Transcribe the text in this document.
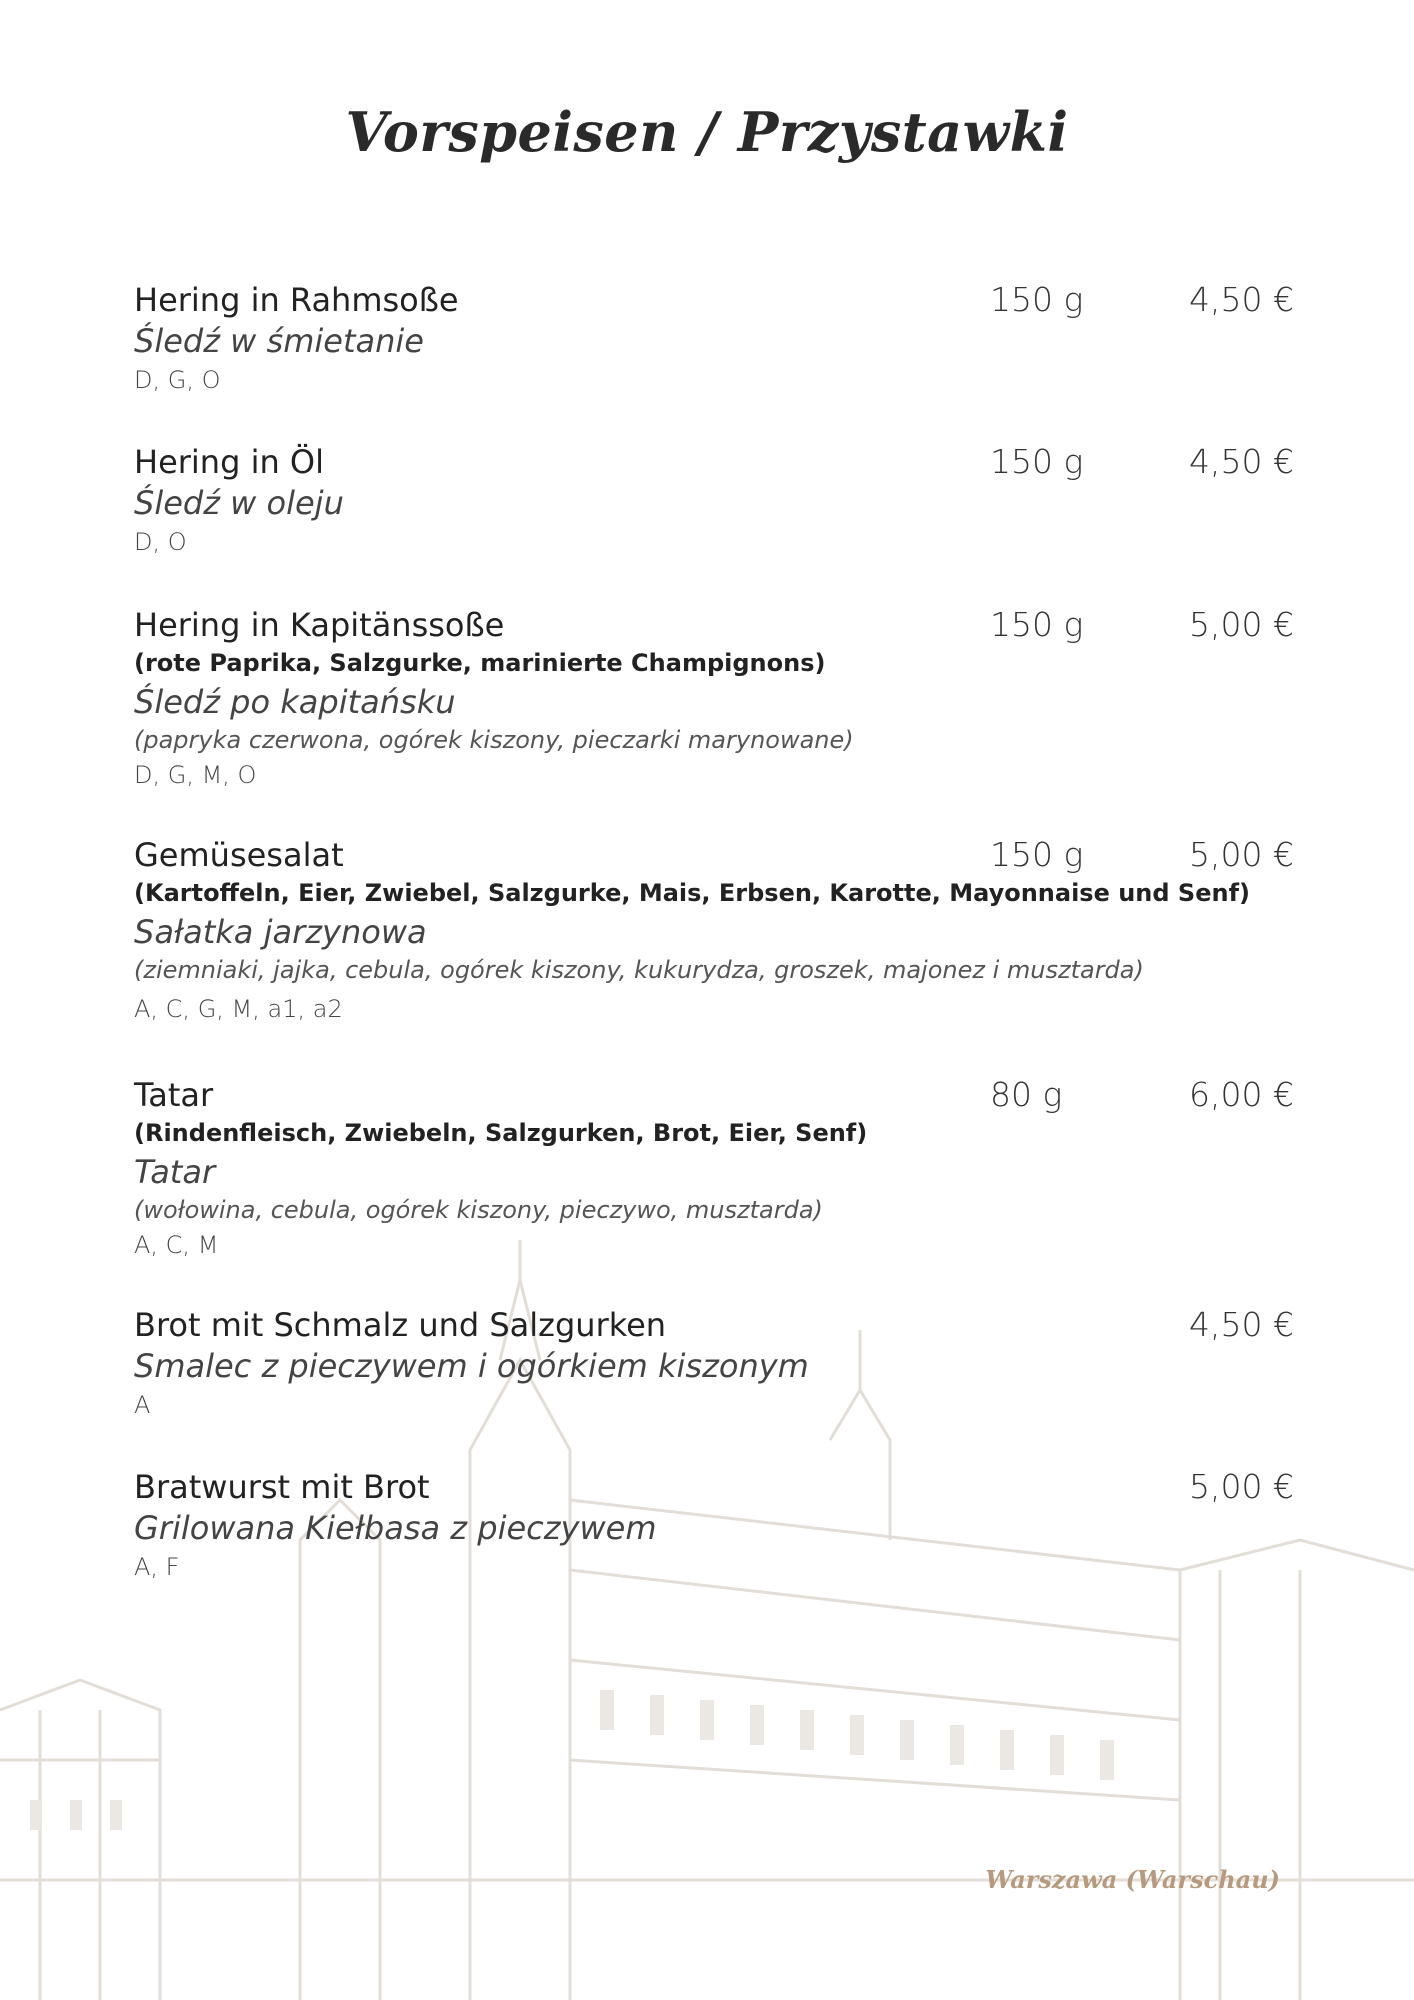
Vorspeisen / Przystawki
Hering in Rahmsoße	150 g	4,50 €
Śledź w śmietanie
D, G, O
Hering in Öl	150 g	4,50 €
Śledź w oleju
D, O
Hering in Kapitänssoße	150 g	5,00 €
(rote Paprika, Salzgurke, marinierte Champignons)
Śledź po kapitańsku
(papryka czerwona, ogórek kiszony, pieczarki marynowane)
D, G, M, O
Gemüsesalat	150 g	5,00 €
(Kartoffeln, Eier, Zwiebel, Salzgurke, Mais, Erbsen, Karotte, Mayonnaise und Senf)
Sałatka jarzynowa
(ziemniaki, jajka, cebula, ogórek kiszony, kukurydza, groszek, majonez i musztarda)
A, C, G, M, a1, a2
Tatar	80 g	6,00 €
(Rindenfleisch, Zwiebeln, Salzgurken, Brot, Eier, Senf)
Tatar
(wołowina, cebula, ogórek kiszony, pieczywo, musztarda)
A, C, M
Brot mit Schmalz und Salzgurken	4,50 €
Smalec z pieczywem i ogórkiem kiszonym
A
Bratwurst mit Brot	5,00 €
Grilowana Kiełbasa z pieczywem
A, F
Warszawa (Warschau)
